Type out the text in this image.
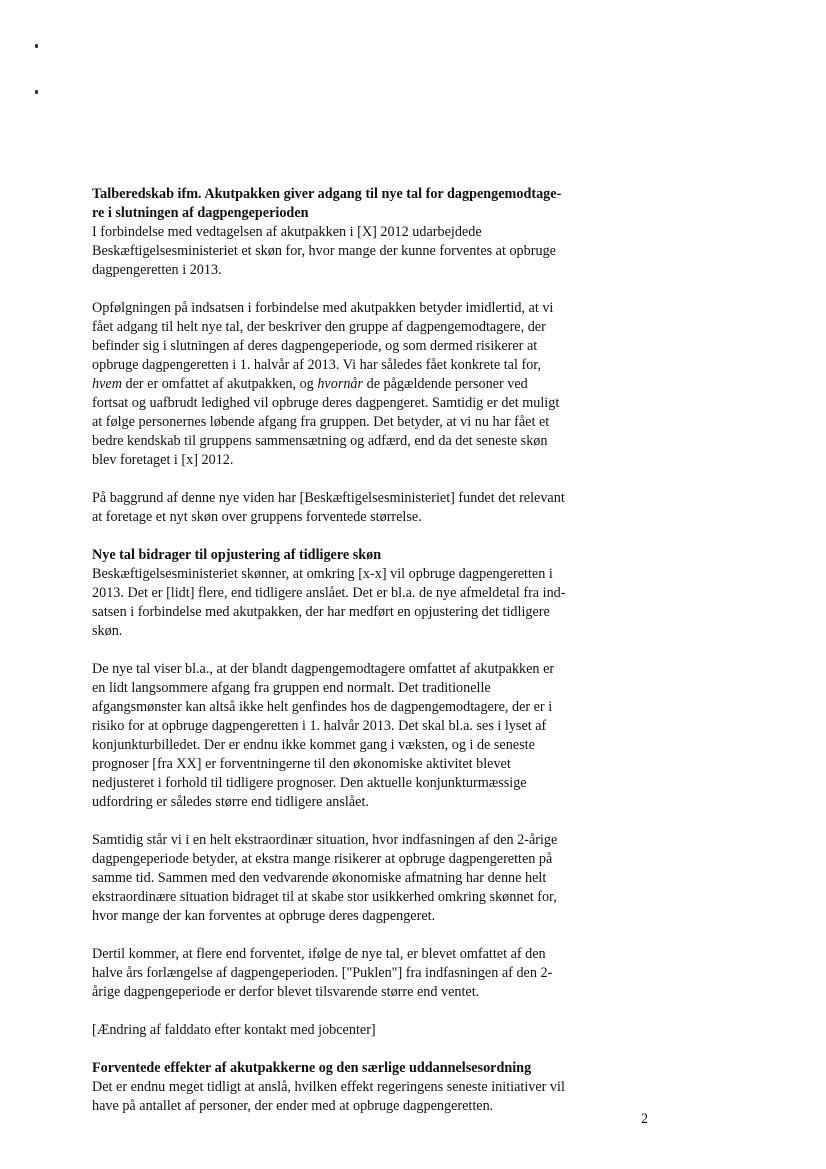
Talberedskab ifm. Akutpakken giver adgang til nye tal for dagpengemodtage-
re i slutningen af dagpengeperioden

I forbindelse med vedtagelsen af akutpakken i [X] 2012 udarbejdede
Beskæftigelsesministeriet et skøn for, hvor mange der kunne forventes at opbruge
dagpengeretten i 2013.

Opfølgningen på indsatsen i forbindelse med akutpakken betyder imidlertid, at vi
fået adgang til helt nye tal, der beskriver den gruppe af dagpengemodtagere, der
befinder sig i slutningen af deres dagpengeperiode, og som dermed risikerer at
opbruge dagpengeretten i 1. halvår af 2013. Vi har således fået konkrete tal for,
hvem der er omfattet af akutpakken, og hvornår de pågældende personer ved
fortsat og uafbrudt ledighed vil opbruge deres dagpengeret. Samtidig er det muligt
at følge personernes løbende afgang fra gruppen. Det betyder, at vi nu har fået et
bedre kendskab til gruppens sammensætning og adfærd, end da det seneste skøn
blev foretaget i [x] 2012.

På baggrund af denne nye viden har [Beskæftigelsesministeriet] fundet det relevant
at foretage et nyt skøn over gruppens forventede størrelse.

Nye tal bidrager til opjustering af tidligere skøn

Beskæftigelsesministeriet skønner, at omkring [x-x] vil opbruge dagpengeretten i
2013. Det er [lidt] flere, end tidligere anslået. Det er bl.a. de nye afmeldetal fra ind-
satsen i forbindelse med akutpakken, der har medført en opjustering det tidligere
skøn.

De nye tal viser bl.a., at der blandt dagpengemodtagere omfattet af akutpakken er
en lidt langsommere afgang fra gruppen end normalt. Det traditionelle
afgangsmønster kan altså ikke helt genfindes hos de dagpengemodtagere, der er i
risiko for at opbruge dagpengeretten i 1. halvår 2013. Det skal bl.a. ses i lyset af
konjunkturbilledet. Der er endnu ikke kommet gang i væksten, og i de seneste
prognoser [fra XX] er forventningerne til den økonomiske aktivitet blevet
nedjusteret i forhold til tidligere prognoser. Den aktuelle konjunkturmæssige
udfordring er således større end tidligere anslået.

Samtidig står vi i en helt ekstraordinær situation, hvor indfasningen af den 2-årige
dagpengeperiode betyder, at ekstra mange risikerer at opbruge dagpengeretten på
samme tid. Sammen med den vedvarende økonomiske afmatning har denne helt
ekstraordinære situation bidraget til at skabe stor usikkerhed omkring skønnet for,
hvor mange der kan forventes at opbruge deres dagpengeret.

Dertil kommer, at flere end forventet, ifølge de nye tal, er blevet omfattet af den
halve års forlængelse af dagpengeperioden. ["Puklen"] fra indfasningen af den 2-
årige dagpengeperiode er derfor blevet tilsvarende større end ventet.

[Ændring af falddato efter kontakt med jobcenter]

Forventede effekter af akutpakkerne og den særlige uddannelsesordning

Det er endnu meget tidligt at anslå, hvilken effekt regeringens seneste initiativer vil
have på antallet af personer, der ender med at opbruge dagpengeretten.

2
